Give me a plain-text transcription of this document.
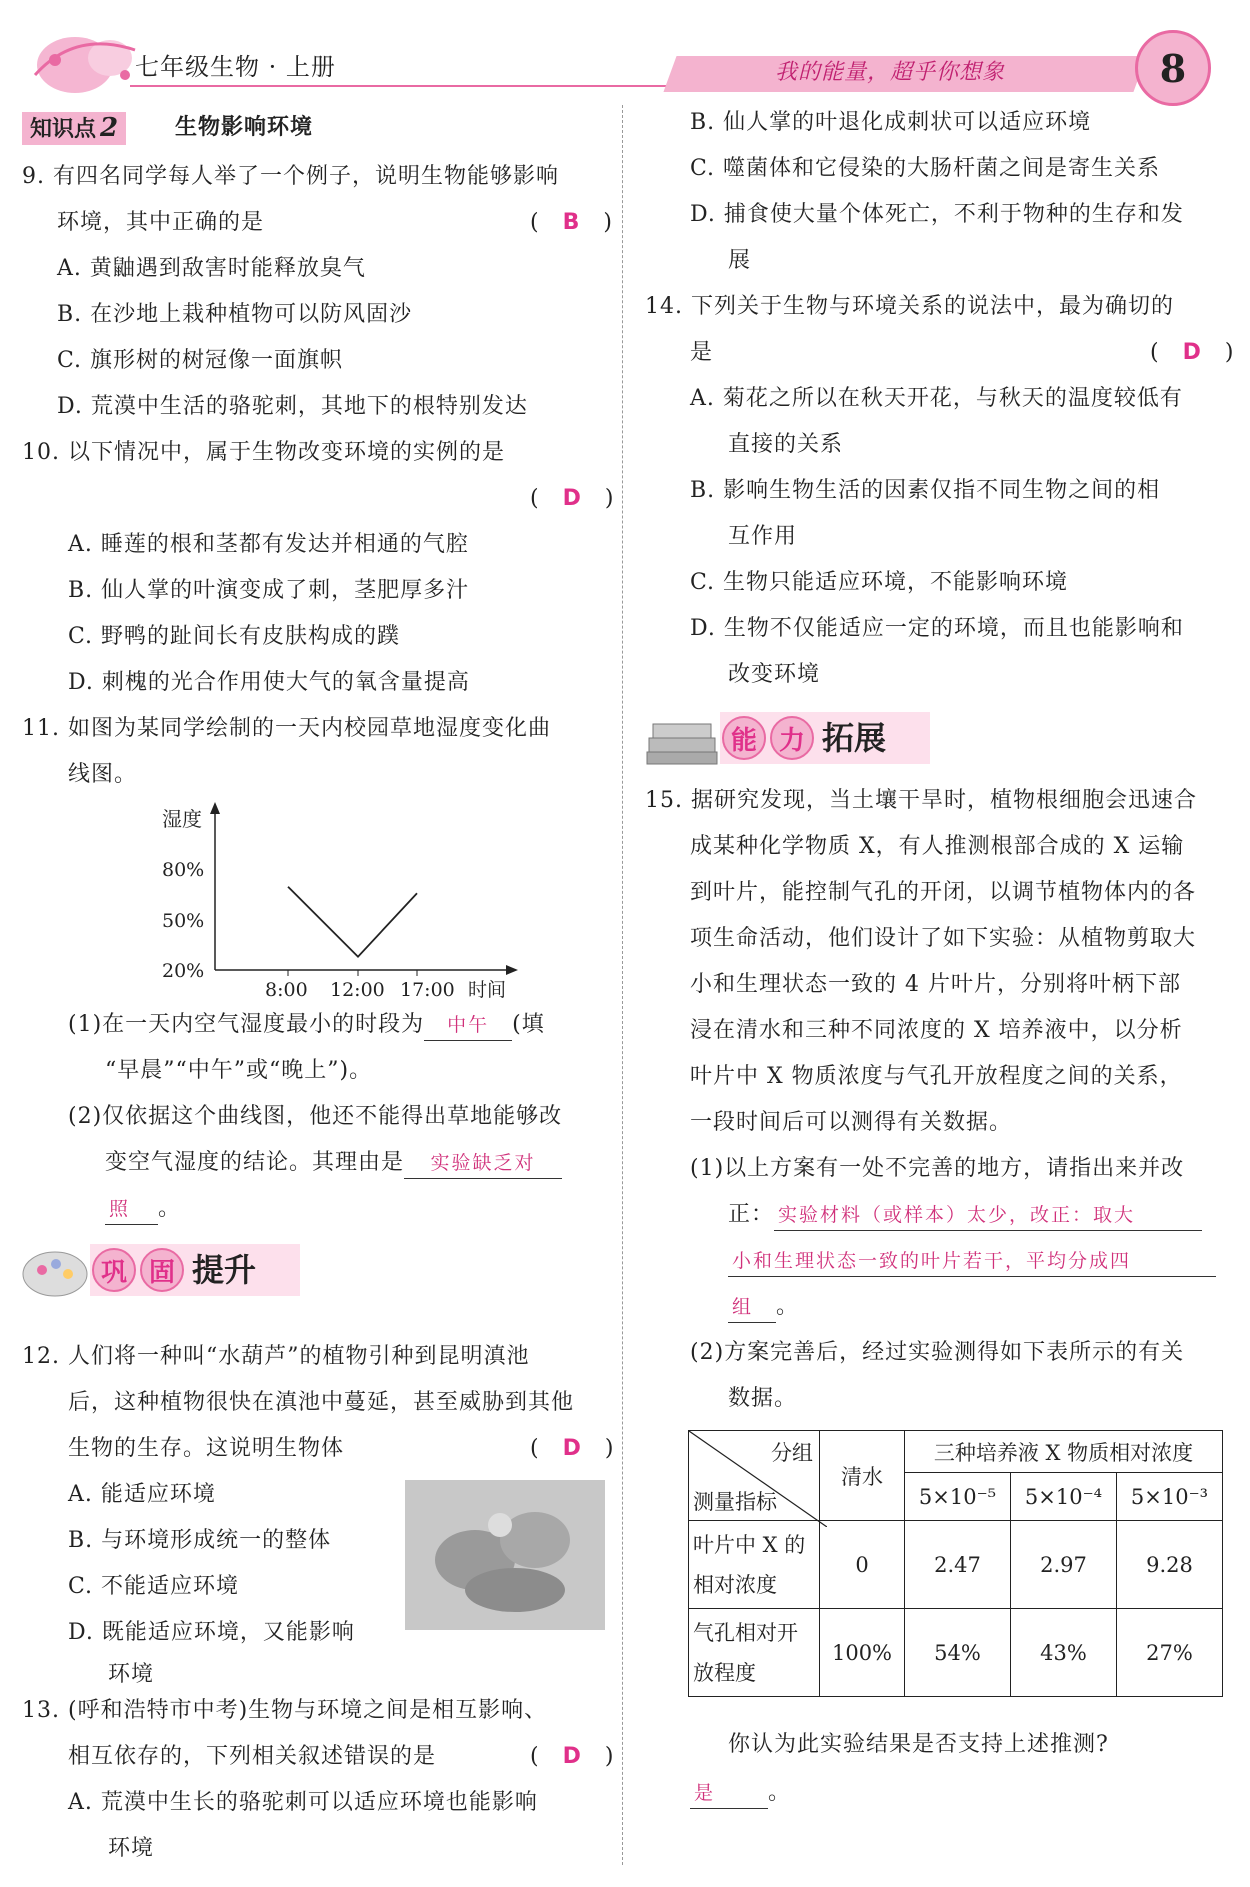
七年级生物 · 上册	我的能量，超乎你想象	8
知识点 2	生物影响环境
9. 有四名同学每人举了一个例子，说明生物能够影响
环境，其中正确的是	(　B　)
A. 黄鼬遇到敌害时能释放臭气
B. 在沙地上栽种植物可以防风固沙
C. 旗形树的树冠像一面旗帜
D. 荒漠中生活的骆驼刺，其地下的根特别发达
10. 以下情况中，属于生物改变环境的实例的是
(　D　)
A. 睡莲的根和茎都有发达并相通的气腔
B. 仙人掌的叶演变成了刺，茎肥厚多汁
C. 野鸭的趾间长有皮肤构成的蹼
D. 刺槐的光合作用使大气的氧含量提高
11. 如图为某同学绘制的一天内校园草地湿度变化曲
线图。
湿度
80%
50%
20%
8:00 12:00 17:00 时间
(1)在一天内空气湿度最小的时段为 中午 (填
“早晨”“中午”或“晚上”)。
(2)仅依据这个曲线图，他还不能得出草地能够改
变空气湿度的结论。其理由是 实验缺乏对
照 。
巩 固 提升
12. 人们将一种叫“水葫芦”的植物引种到昆明滇池
后，这种植物很快在滇池中蔓延，甚至威胁到其他
生物的生存。这说明生物体	(　D　)
A. 能适应环境
B. 与环境形成统一的整体
C. 不能适应环境
D. 既能适应环境，又能影响
环境
13. (呼和浩特市中考)生物与环境之间是相互影响、
相互依存的，下列相关叙述错误的是	(　D　)
A. 荒漠中生长的骆驼刺可以适应环境也能影响
环境
B. 仙人掌的叶退化成刺状可以适应环境
C. 噬菌体和它侵染的大肠杆菌之间是寄生关系
D. 捕食使大量个体死亡，不利于物种的生存和发
展
14. 下列关于生物与环境关系的说法中，最为确切的
是	(　D　)
A. 菊花之所以在秋天开花，与秋天的温度较低有
直接的关系
B. 影响生物生活的因素仅指不同生物之间的相
互作用
C. 生物只能适应环境，不能影响环境
D. 生物不仅能适应一定的环境，而且也能影响和
改变环境
能 力 拓展
15. 据研究发现，当土壤干旱时，植物根细胞会迅速合
成某种化学物质 X，有人推测根部合成的 X 运输
到叶片，能控制气孔的开闭，以调节植物体内的各
项生命活动，他们设计了如下实验：从植物剪取大
小和生理状态一致的 4 片叶片，分别将叶柄下部
浸在清水和三种不同浓度的 X 培养液中，以分析
叶片中 X 物质浓度与气孔开放程度之间的关系，
一段时间后可以测得有关数据。
(1)以上方案有一处不完善的地方，请指出来并改
正： 实验材料（或样本）太少，改正：取大
小和生理状态一致的叶片若干，平均分成四
组 。
(2)方案完善后，经过实验测得如下表所示的有关
数据。
分组
测量指标	清水	三种培养液 X 物质相对浓度		
		5×10⁻⁵	5×10⁻⁴	5×10⁻³
叶片中 X 的
相对浓度	0	2.47	2.97	9.28
气孔相对开
放程度	100%	54%	43%	27%
你认为此实验结果是否支持上述推测?
是 。
